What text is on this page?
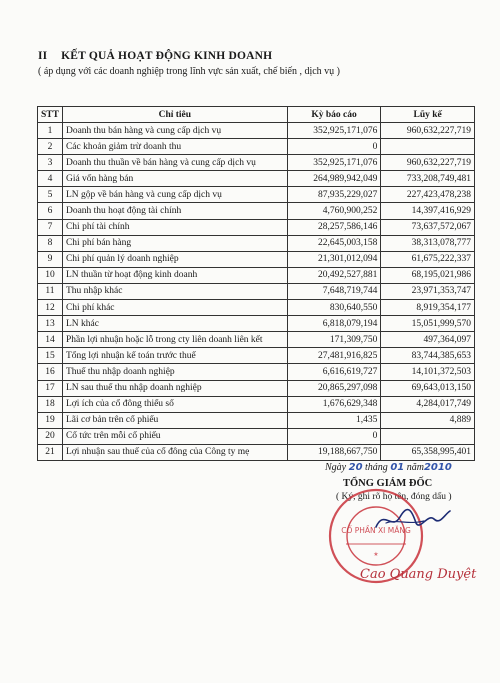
II KẾT QUẢ HOẠT ĐỘNG KINH DOANH
( áp dụng với các doanh nghiệp trong lĩnh vực sản xuất, chế biến , dịch vụ )
STT	Chỉ tiêu	Kỳ báo cáo	Lũy kế
1	Doanh thu bán hàng và cung cấp dịch vụ	352,925,171,076	960,632,227,719
2	Các khoản giảm trừ doanh thu	0	
3	Doanh thu thuần về bán hàng và cung cấp dịch vụ	352,925,171,076	960,632,227,719
4	Giá vốn hàng bán	264,989,942,049	733,208,749,481
5	LN gộp về bán hàng và cung cấp dịch vụ	87,935,229,027	227,423,478,238
6	Doanh thu hoạt động tài chính	4,760,900,252	14,397,416,929
7	Chi phí tài chính	28,257,586,146	73,637,572,067
8	Chi phí bán hàng	22,645,003,158	38,313,078,777
9	Chi phí quản lý doanh nghiệp	21,301,012,094	61,675,222,337
10	LN thuần từ hoạt động kinh doanh	20,492,527,881	68,195,021,986
11	Thu nhập khác	7,648,719,744	23,971,353,747
12	Chi phí khác	830,640,550	8,919,354,177
13	LN khác	6,818,079,194	15,051,999,570
14	Phần lợi nhuận hoặc lỗ trong cty liên doanh liên kết	171,309,750	497,364,097
15	Tổng lợi nhuận kế toán trước thuế	27,481,916,825	83,744,385,653
16	Thuế thu nhập doanh nghiệp	6,616,619,727	14,101,372,503
17	LN sau thuế thu nhập doanh nghiệp	20,865,297,098	69,643,013,150
18	Lợi ích của cổ đông thiểu số	1,676,629,348	4,284,017,749
19	Lãi cơ bản trên cổ phiếu	1,435	4,889
20	Cổ tức trên mỗi cổ phiếu	0	
21	Lợi nhuận sau thuế của cổ đông của Công ty mẹ	19,188,667,750	65,358,995,401
Ngày 20 tháng 01 năm2010
TỔNG GIÁM ĐỐC
( Ký, ghi rõ họ tên, đóng dấu )
CỔ PHẦN XI MĂNG
★
Cao Quang Duyệt
